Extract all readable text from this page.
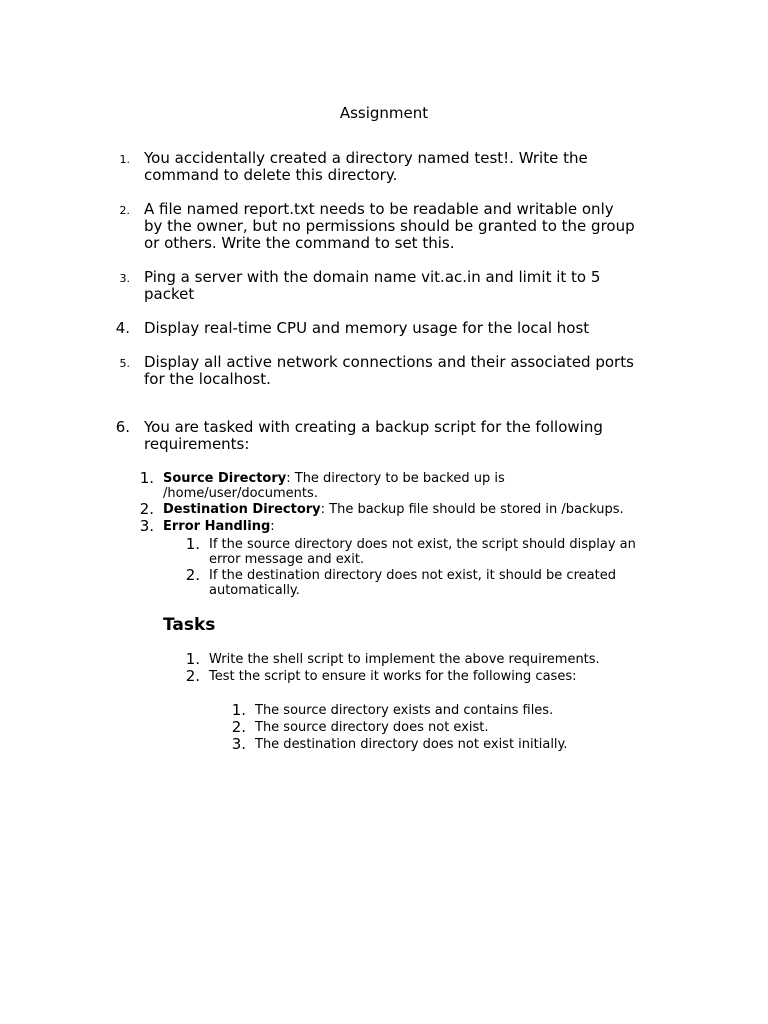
Assignment
1. You accidentally created a directory named test!. Write the
command to delete this directory.
2. A file named report.txt needs to be readable and writable only
by the owner, but no permissions should be granted to the group
or others. Write the command to set this.
3. Ping a server with the domain name vit.ac.in and limit it to 5
packet
4. Display real-time CPU and memory usage for the local host
5. Display all active network connections and their associated ports
for the localhost.
6. You are tasked with creating a backup script for the following
requirements:
1. Source Directory: The directory to be backed up is
/home/user/documents.
2. Destination Directory: The backup file should be stored in /backups.
3. Error Handling:
1. If the source directory does not exist, the script should display an
error message and exit.
2. If the destination directory does not exist, it should be created
automatically.
Tasks
1. Write the shell script to implement the above requirements.
2. Test the script to ensure it works for the following cases:
1. The source directory exists and contains files.
2. The source directory does not exist.
3. The destination directory does not exist initially.
